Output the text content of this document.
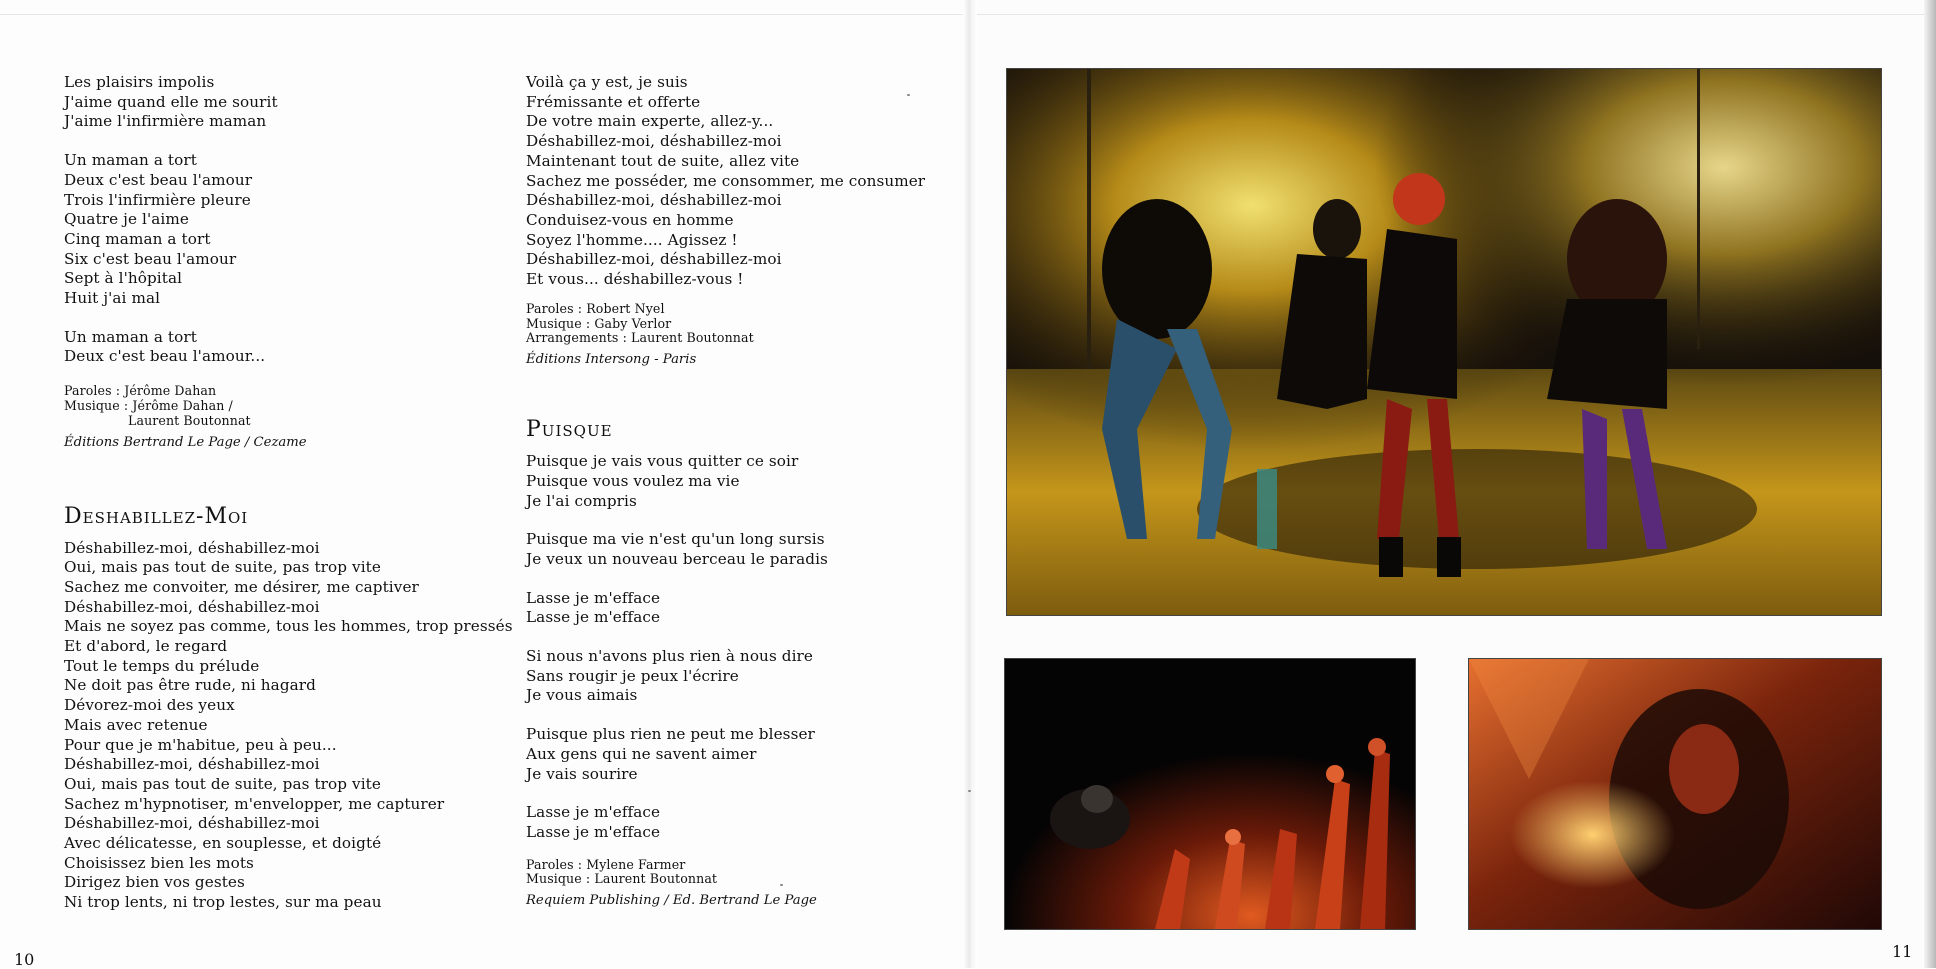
Les plaisirs impolis
J'aime quand elle me sourit
J'aime l'infirmière maman
Un maman a tort
Deux c'est beau l'amour
Trois l'infirmière pleure
Quatre je l'aime
Cinq maman a tort
Six c'est beau l'amour
Sept à l'hôpital
Huit j'ai mal
Un maman a tort
Deux c'est beau l'amour...
Paroles : Jérôme Dahan
Musique : Jérôme Dahan /
Laurent Boutonnat
Éditions Bertrand Le Page / Cezame
Deshabillez-Moi
Déshabillez-moi, déshabillez-moi
Oui, mais pas tout de suite, pas trop vite
Sachez me convoiter, me désirer, me captiver
Déshabillez-moi, déshabillez-moi
Mais ne soyez pas comme, tous les hommes, trop pressés
Et d'abord, le regard
Tout le temps du prélude
Ne doit pas être rude, ni hagard
Dévorez-moi des yeux
Mais avec retenue
Pour que je m'habitue, peu à peu...
Déshabillez-moi, déshabillez-moi
Oui, mais pas tout de suite, pas trop vite
Sachez m'hypnotiser, m'envelopper, me capturer
Déshabillez-moi, déshabillez-moi
Avec délicatesse, en souplesse, et doigté
Choisissez bien les mots
Dirigez bien vos gestes
Ni trop lents, ni trop lestes, sur ma peau
Voilà ça y est, je suis
Frémissante et offerte
De votre main experte, allez-y...
Déshabillez-moi, déshabillez-moi
Maintenant tout de suite, allez vite
Sachez me posséder, me consommer, me consumer
Déshabillez-moi, déshabillez-moi
Conduisez-vous en homme
Soyez l'homme.... Agissez !
Déshabillez-moi, déshabillez-moi
Et vous... déshabillez-vous !
Paroles : Robert Nyel
Musique : Gaby Verlor
Arrangements : Laurent Boutonnat
Éditions Intersong - Paris
Puisque
Puisque je vais vous quitter ce soir
Puisque vous voulez ma vie
Je l'ai compris
Puisque ma vie n'est qu'un long sursis
Je veux un nouveau berceau le paradis
Lasse je m'efface
Lasse je m'efface
Si nous n'avons plus rien à nous dire
Sans rougir je peux l'écrire
Je vous aimais
Puisque plus rien ne peut me blesser
Aux gens qui ne savent aimer
Je vais sourire
Lasse je m'efface
Lasse je m'efface
Paroles : Mylene Farmer
Musique : Laurent Boutonnat
Requiem Publishing / Ed. Bertrand Le Page
10	11
